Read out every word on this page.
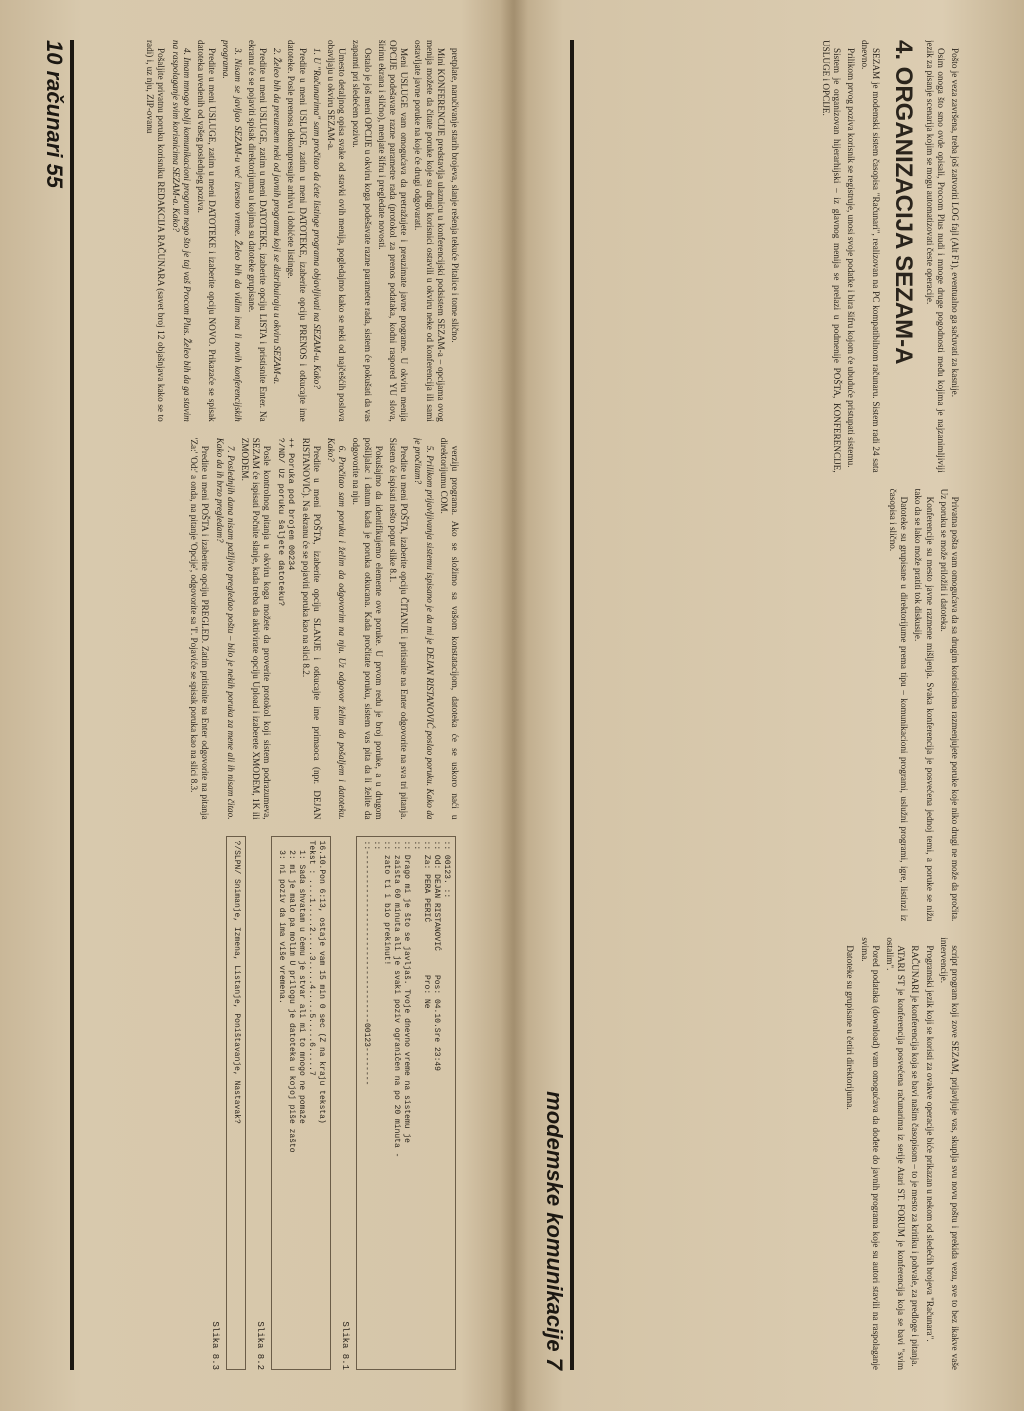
pretplate, naručivanje starih brojeva, slanje rešenja tekuće Pitalice i tome slično.

Mini KONFERENCIJE predstavlja ulaznicu u konferencijski podsistem SEZAM-a – opcijama ovog menija možete da čitate poruke koje su drugi korisnici ostavili u okviru neke od konferencija ili sami ostavljate javne poruke na koje će drugi odgovarati.

Meni USLUGE vam omogućava da pretražujete i preuzimate javne programe. U okviru menija OPCIJE podešavate razne parametre rada (protokol za prenos podataka, kodni raspored YU slova, širinu ekrana i slično), menjate šifru i pregledate novosti.

Ostalo je još meni OPCIJE u okviru koga podešavate razne parametre rada, sistem će pokušati da vas zapamti pri sledećem pozivu.

Umesto detaljnog opisa svake od stavki ovih menija, pogledajmo kako se neki od najčešćih poslova obavljaju u okviru SEZAM-a.

1. U "Računarima" sam pročitao da ćete listinge programa objavljivati na SEZAM-u. Kako?

Predite u meni USLUGE, zatim u meni DATOTEKE, izaberite opciju PRENOS i otkucajte ime datoteke. Posle prenosa dekompresujte arhivu i dobićete listinge.

2. Želeo bih da preuzmem neki od javnih programa koji se distribuiraju u okviru SEZAM-a.

Predite u meni USLUGE, zatim u meni DATOTEKE, izaberite opciju LISTA i pristisnite Enter. Na ekranu će se pojaviti spisak direktorijuma u kojima su datoteke grupisane.

3. Nisam se javljao SEZAM-u već izvesno vreme. Želeo bih da vidim ima li novih konferencijskih programa.

Predite u meni USLUGE, zatim u meni DATOTEKE i izaberite opciju NOVO. Prikazaće se spisak datoteka uvedenih od vašeg poslednjeg poziva.

4. Imam mnogo bolji komunikacioni program nego što je taj vaš Procom Plus. Želeo bih da ga stavim na raspolaganje svim korisnicima SEZAM-a. Kako?

Pošaljite privatnu poruku korisniku REDAKCIJA RAČUNARA (savet broj 12 objašnjava kako se to radi) i, uz nju, ZIP-ovanu

verziju programa. Ako se složimo sa vašom konstatacijom, datoteka će se uskoro naći u direktorijumu COM.

5. Prilikom prijavljivanja sistemu ispisano je da mi je DEJAN RISTANOVIĆ poslao poruku. Kako da je pročitam?

Predite u meni POŠTA, izaberite opciju ČITANJE i pritisnite na Enter odgovorite na sva tri pitanja. Sistem će ispisati nešto poput slike 8.1.

Pokušajmo da identifikujemo elemente ove poruke. U prvom redu je broj poruke, a u drugom pošiljalac i datum kada je poruka otkucana. Kada pročitate poruku, sistem vas pita da li želite da odgovorite na nju.

6. Pročitao sam poruku i želim da odgovorim na nju. Uz odgovor želim da pošaljem i datoteku. Kako?

Predite u meni POŠTA, izaberite opciju SLANJE i otkucajte ime primaoca (npr. DEJAN RISTANOVIĆ). Na ekranu će se pojaviti poruka kao na slici 8.2.

++ Poruka pod brojem 00234
?/ND/ Uz poruku šaljete datoteku?

Posle kontrolnog pitanja u okviru koga možete da proverite protokol koji sistem podrazumeva, SEZAM će ispisati Počnite slanje, kada treba da aktivirate opciju Upload i izaberete XMODEM, 1K ili ZMODEM.

7. Poslednjih dana nisam pažljivo pregledao poštu – bilo je nekih poruka za mene ali ih nisam čitao. Kako da ih brzo pregledam?

Predite u meni POŠTA i izaberite opciju PREGLED. Zatim pritisnite na Enter odgovorite na pitanja 'Za:' 'Od:' a onda, na pitanje 'Opcije', odgovorite sa 'I'. Pojaviće se spisak poruka kao na slici 8.3.

:: 00123. ::
:: Od: DEJAN RISTANOVIĆ     Pos: 04.10.Sre 23:49
:: Za: PERA PERIĆ           Pro: Ne
::
:: Drago mi je što se javljaš. Tvoje dnevno vreme na sistemu je
:: zaista 60 minuta ali je svaki poziv ograničen na po 20 minuta -
:: zato ti i bio prekinut!
::
::------------------------------------00123--------
Slika 8.1
16.10.Pon 6:13, ostaje vam 15 min 0 sec (Z na kraju teksta)
Tekst : ....1.....2.....3.....4.....5.....6.....7
1: Sada shvatam u čemu je stvar ali mi to mnogo ne pomaže
2: mi je malo pa molim U prilogu je datoteka u kojoj piše zašto
3: ni poziv da ima više vremena.
Slika 8.2
?/SLPN/ Snimanje, Izmena, Listanje, Poništavanje, Nastavak?
Slika 8.3
10 računari 55	Pošto je veza završena, treba još zatvoriti LOG fajl (Alt F1), eventualno ga sačuvati za kasnije.

Osim onoga što smo ovde opisali, Procom Plus nudi i mnoge druge pogodnosti među kojima je najzanimljiviji jezik za pisanje scenarija kojim se mogu automatizovati česte operacije.

4. ORGANIZACIJA SEZAM-A

SEZAM je modemski sistem časopisa "Računari", realizovan na PC kompatibilnom računaru. Sistem radi 24 sata dnevno.

Prilikom prvog poziva korisnik se registruje, unosi svoje podatke i bira šifru kojom će ubuduće pristupati sistemu.

Sistem je organizovan hijerarhijski – iz glavnog menija se prelazi u podmenije POŠTA, KONFERENCIJE, USLUGE i OPCIJE.

Privatna pošta vam omogućava da sa drugim korisnicima razmenjujete poruke koje niko drugi ne može da pročita. Uz poruku se može priložiti i datoteka.

Konferencije su mesto javne razmene mišljenja. Svaka konferencija je posvećena jednoj temi, a poruke se nižu tako da se lako može pratiti tok diskusije.

Datoteke su grupisane u direktorijume prema tipu – komunikacioni programi, uslužni programi, igre, listinzi iz časopisa i slično.

script program koji zove SEZAM, prijavljuje vas, skuplja svu novu poštu i prekida vezu, sve to bez ikakve vaše intervencije.

Programski jezik koji se koristi za ovakve operacije biće prikazan u nekom od sledećih brojeva "Računara".

RAČUNARI je konferencija koja se bavi našim časopisom – to je mesto za kritiku i pohvale, za predloge i pitanja.

ATARI ST je konferencija posvećena računarima iz serije Atari ST. FORUM je konferencija koja se bavi "svim ostalim".

Pored podataka (download) vam omogućava da dođete do javnih programa koje su autori stavili na raspolaganje svima.

Datoteke su grupisane u četiri direktorijuma.

modemske komunikacije 7
